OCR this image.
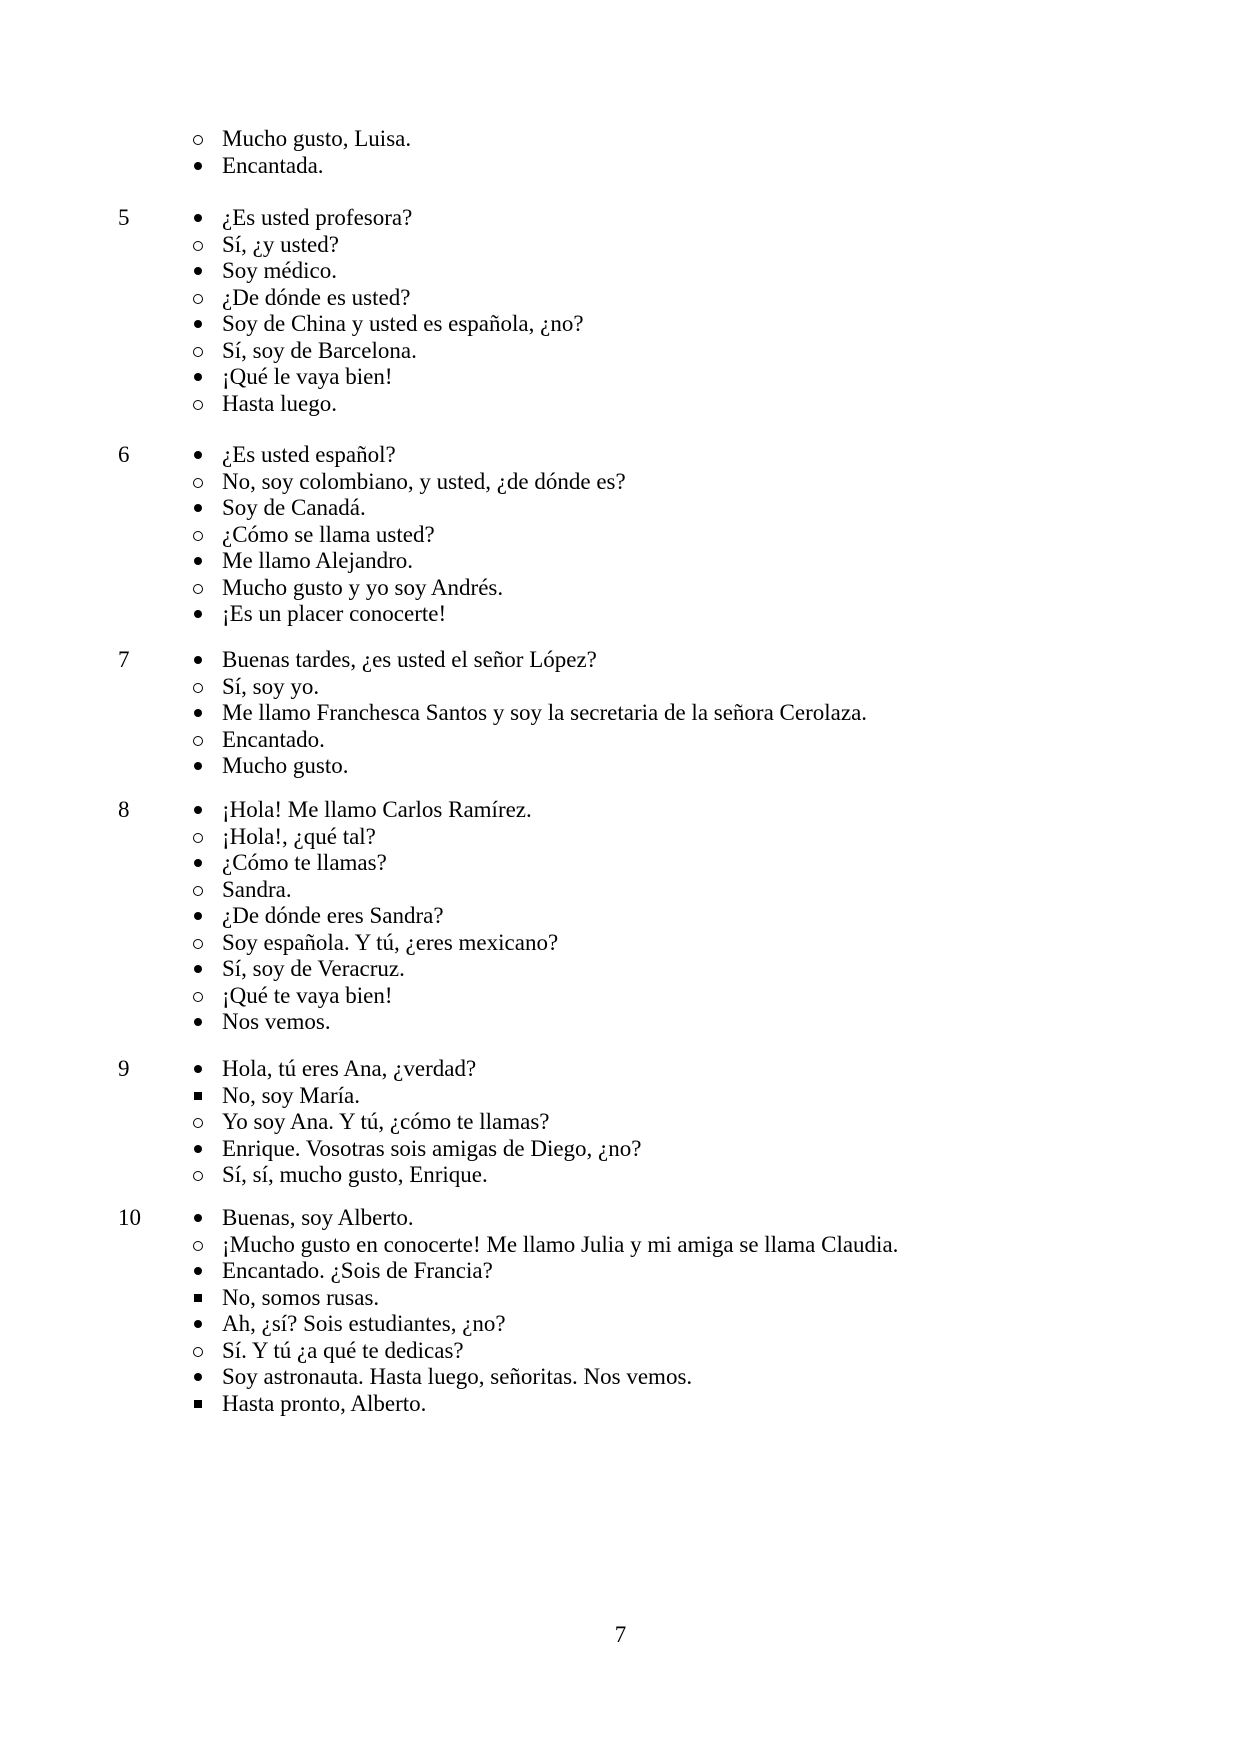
7
Mucho gusto, Luisa.
Encantada.
5	¿Es usted profesora?
Sí, ¿y usted?
Soy médico.
¿De dónde es usted?
Soy de China y usted es española, ¿no?
Sí, soy de Barcelona.
¡Qué le vaya bien!
Hasta luego.
6	¿Es usted español?
No, soy colombiano, y usted, ¿de dónde es?
Soy de Canadá.
¿Cómo se llama usted?
Me llamo Alejandro.
Mucho gusto y yo soy Andrés.
¡Es un placer conocerte!
7	Buenas tardes, ¿es usted el señor López?
Sí, soy yo.
Me llamo Franchesca Santos y soy la secretaria de la señora Cerolaza.
Encantado.
Mucho gusto.
8	¡Hola! Me llamo Carlos Ramírez.
¡Hola!, ¿qué tal?
¿Cómo te llamas?
Sandra.
¿De dónde eres Sandra?
Soy española. Y tú, ¿eres mexicano?
Sí, soy de Veracruz.
¡Qué te vaya bien!
Nos vemos.
9	Hola, tú eres Ana, ¿verdad?
No, soy María.
Yo soy Ana. Y tú, ¿cómo te llamas?
Enrique. Vosotras sois amigas de Diego, ¿no?
Sí, sí, mucho gusto, Enrique.
10	Buenas, soy Alberto.
¡Mucho gusto en conocerte! Me llamo Julia y mi amiga se llama Claudia.
Encantado. ¿Sois de Francia?
No, somos rusas.
Ah, ¿sí? Sois estudiantes, ¿no?
Sí. Y tú ¿a qué te dedicas?
Soy astronauta. Hasta luego, señoritas. Nos vemos.
Hasta pronto, Alberto.
